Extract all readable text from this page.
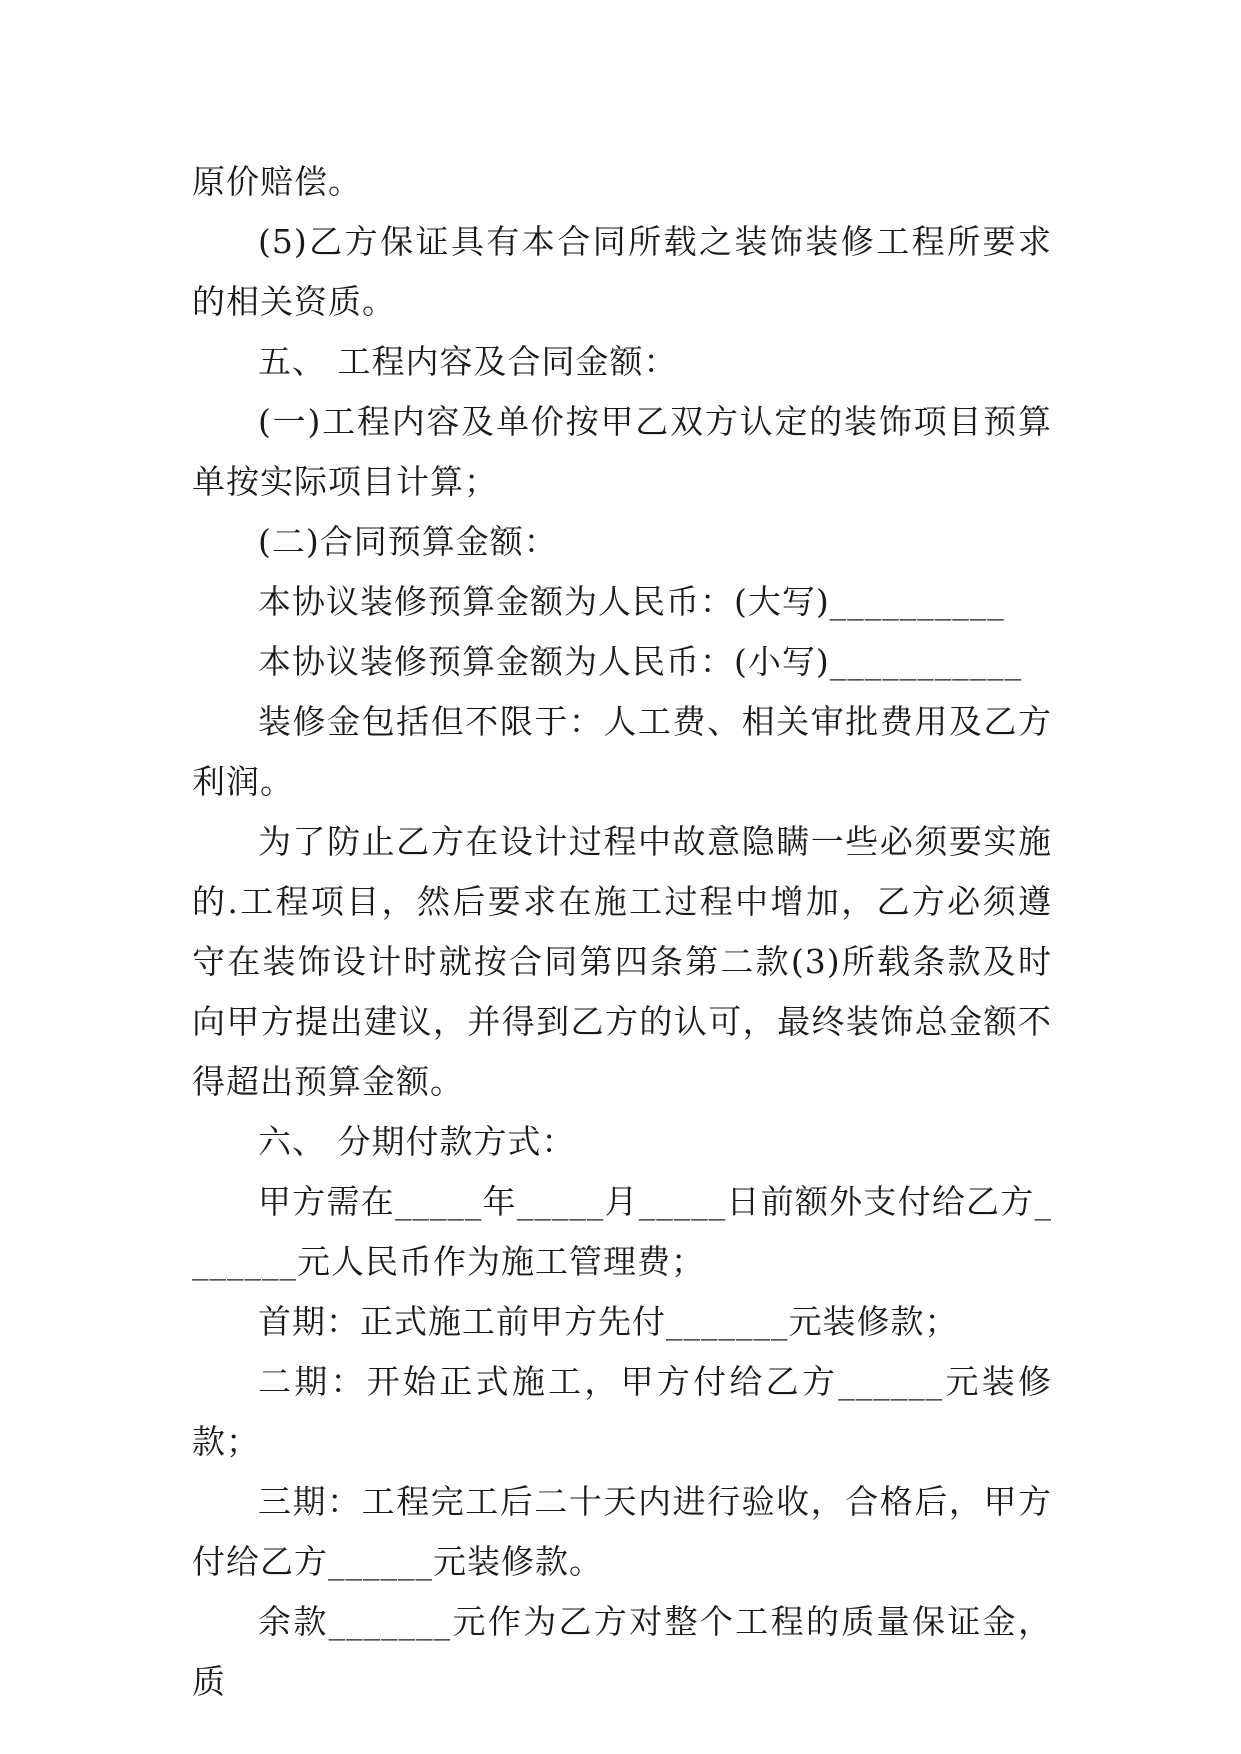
原价赔偿。

(5)乙方保证具有本合同所载之装饰装修工程所要求的相关资质。

五、 工程内容及合同金额：

(一)工程内容及单价按甲乙双方认定的装饰项目预算单按实际项目计算；

(二)合同预算金额：

本协议装修预算金额为人民币：(大写)__________

本协议装修预算金额为人民币：(小写)___________

装修金包括但不限于：人工费、相关审批费用及乙方利润。

为了防止乙方在设计过程中故意隐瞒一些必须要实施的.工程项目，然后要求在施工过程中增加，乙方必须遵守在装饰设计时就按合同第四条第二款(3)所载条款及时向甲方提出建议，并得到乙方的认可，最终装饰总金额不得超出预算金额。

六、 分期付款方式：

甲方需在_____年_____月_____日前额外支付给乙方_______元人民币作为施工管理费；

首期：正式施工前甲方先付_______元装修款；

二期：开始正式施工，甲方付给乙方______元装修款；

三期：工程完工后二十天内进行验收，合格后，甲方付给乙方______元装修款。

余款_______元作为乙方对整个工程的质量保证金，质
